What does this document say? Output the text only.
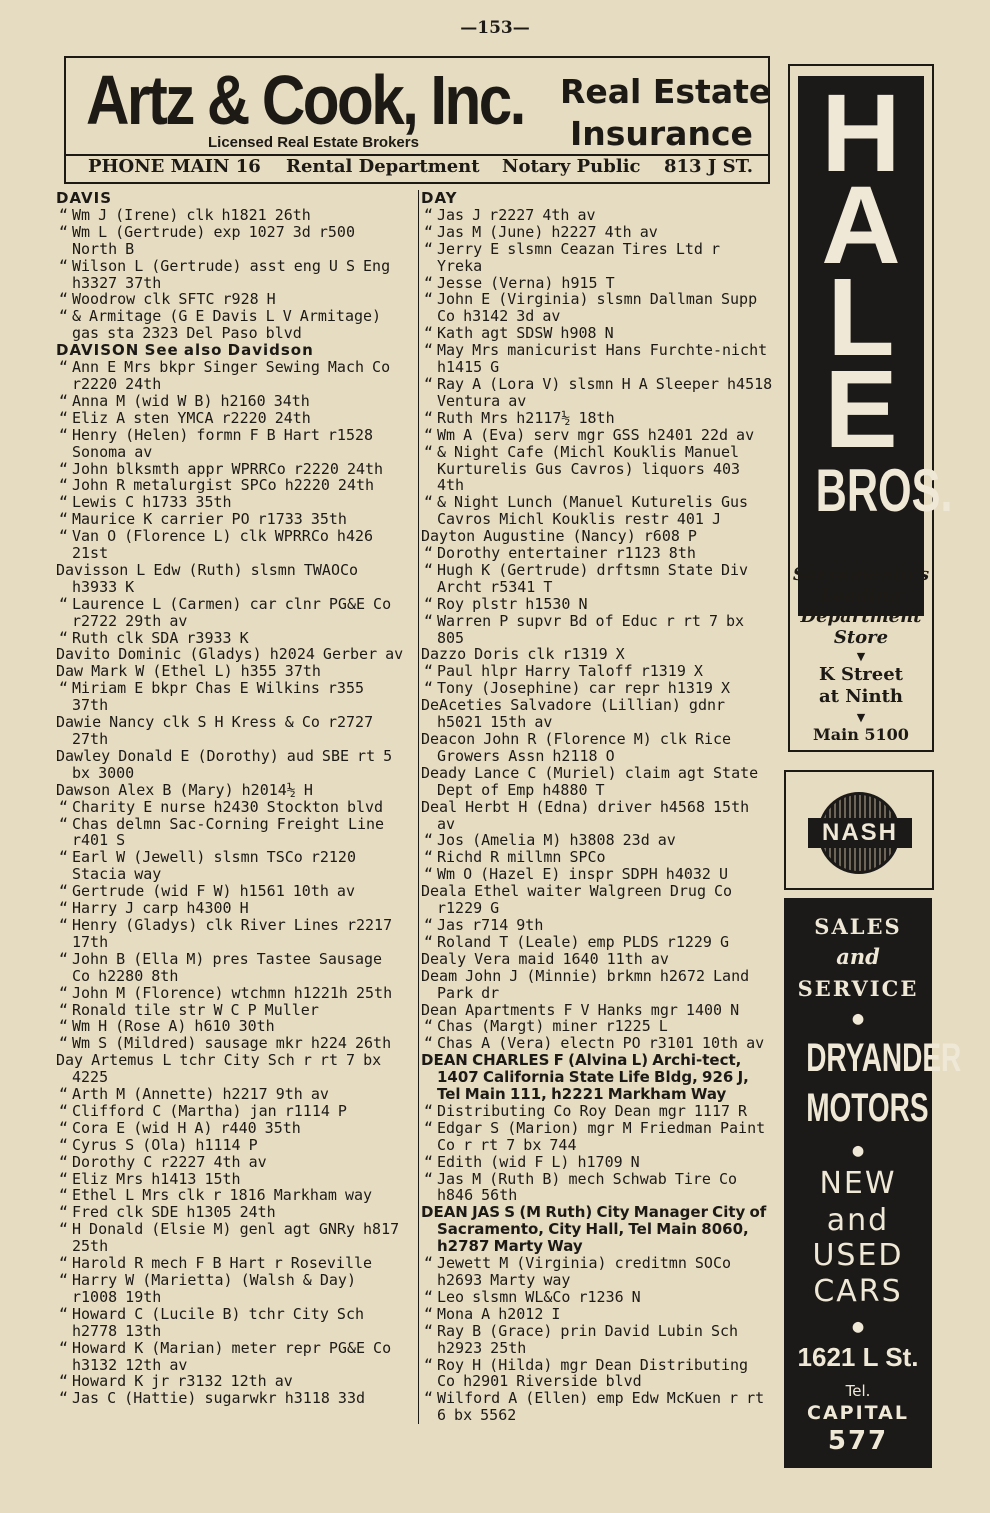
—153—
Artz & Cook, Inc.
Licensed Real Estate Brokers
Real Estate
Insurance
PHONE MAIN 16 Rental Department Notary Public 813 J ST.
DAVIS
“ Wm J (Irene) clk h1821 26th
“ Wm L (Gertrude) exp 1027 3d r500 North B
“ Wilson L (Gertrude) asst eng U S Eng h3327 37th
“ Woodrow clk SFTC r928 H
“ & Armitage (G E Davis L V Armitage) gas sta 2323 Del Paso blvd
DAVISON See also Davidson
“ Ann E Mrs bkpr Singer Sewing Mach Co r2220 24th
“ Anna M (wid W B) h2160 34th
“ Eliz A sten YMCA r2220 24th
“ Henry (Helen) formn F B Hart r1528 Sonoma av
“ John blksmth appr WPRRCo r2220 24th
“ John R metalurgist SPCo h2220 24th
“ Lewis C h1733 35th
“ Maurice K carrier PO r1733 35th
“ Van O (Florence L) clk WPRRCo h426 21st
Davisson L Edw (Ruth) slsmn TWAOCo h3933 K
“ Laurence L (Carmen) car clnr PG&E Co r2722 29th av
“ Ruth clk SDA r3933 K
Davito Dominic (Gladys) h2024 Gerber av
Daw Mark W (Ethel L) h355 37th
“ Miriam E bkpr Chas E Wilkins r355 37th
Dawie Nancy clk S H Kress & Co r2727 27th
Dawley Donald E (Dorothy) aud SBE rt 5 bx 3000
Dawson Alex B (Mary) h2014½ H
“ Charity E nurse h2430 Stockton blvd
“ Chas delmn Sac-Corning Freight Line r401 S
“ Earl W (Jewell) slsmn TSCo r2120 Stacia way
“ Gertrude (wid F W) h1561 10th av
“ Harry J carp h4300 H
“ Henry (Gladys) clk River Lines r2217 17th
“ John B (Ella M) pres Tastee Sausage Co h2280 8th
“ John M (Florence) wtchmn h1221h 25th
“ Ronald tile str W C P Muller
“ Wm H (Rose A) h610 30th
“ Wm S (Mildred) sausage mkr h224 26th
Day Artemus L tchr City Sch r rt 7 bx 4225
“ Arth M (Annette) h2217 9th av
“ Clifford C (Martha) jan r1114 P
“ Cora E (wid H A) r440 35th
“ Cyrus S (Ola) h1114 P
“ Dorothy C r2227 4th av
“ Eliz Mrs h1413 15th
“ Ethel L Mrs clk r 1816 Markham way
“ Fred clk SDE h1305 24th
“ H Donald (Elsie M) genl agt GNRy h817 25th
“ Harold R mech F B Hart r Roseville
“ Harry W (Marietta) (Walsh & Day) r1008 19th
“ Howard C (Lucile B) tchr City Sch h2778 13th
“ Howard K (Marian) meter repr PG&E Co h3132 12th av
“ Howard K jr r3132 12th av
“ Jas C (Hattie) sugarwkr h3118 33d
DAY
“ Jas J r2227 4th av
“ Jas M (June) h2227 4th av
“ Jerry E slsmn Ceazan Tires Ltd r Yreka
“ Jesse (Verna) h915 T
“ John E (Virginia) slsmn Dallman Supp Co h3142 3d av
“ Kath agt SDSW h908 N
“ May Mrs manicurist Hans Furchte-nicht h1415 G
“ Ray A (Lora V) slsmn H A Sleeper h4518 Ventura av
“ Ruth Mrs h2117½ 18th
“ Wm A (Eva) serv mgr GSS h2401 22d av
“ & Night Cafe (Michl Kouklis Manuel Kurturelis Gus Cavros) liquors 403 4th
“ & Night Lunch (Manuel Kuturelis Gus Cavros Michl Kouklis restr 401 J
Dayton Augustine (Nancy) r608 P
“ Dorothy entertainer r1123 8th
“ Hugh K (Gertrude) drftsmn State Div Archt r5341 T
“ Roy plstr h1530 N
“ Warren P supvr Bd of Educ r rt 7 bx 805
Dazzo Doris clk r1319 X
“ Paul hlpr Harry Taloff r1319 X
“ Tony (Josephine) car repr h1319 X
DeAceties Salvadore (Lillian) gdnr h5021 15th av
Deacon John R (Florence M) clk Rice Growers Assn h2118 O
Deady Lance C (Muriel) claim agt State Dept of Emp h4880 T
Deal Herbt H (Edna) driver h4568 15th av
“ Jos (Amelia M) h3808 23d av
“ Richd R millmn SPCo
“ Wm O (Hazel E) inspr SDPH h4032 U
Deala Ethel waiter Walgreen Drug Co r1229 G
“ Jas r714 9th
“ Roland T (Leale) emp PLDS r1229 G
Dealy Vera maid 1640 11th av
Deam John J (Minnie) brkmn h2672 Land Park dr
Dean Apartments F V Hanks mgr 1400 N
“ Chas (Margt) miner r1225 L
“ Chas A (Vera) electn PO r3101 10th av
DEAN CHARLES F (Alvina L) Archi-tect, 1407 California State Life Bldg, 926 J, Tel Main 111, h2221 Markham Way
“ Distributing Co Roy Dean mgr 1117 R
“ Edgar S (Marion) mgr M Friedman Paint Co r rt 7 bx 744
“ Edith (wid F L) h1709 N
“ Jas M (Ruth B) mech Schwab Tire Co h846 56th
DEAN JAS S (M Ruth) City Manager City of Sacramento, City Hall, Tel Main 8060, h2787 Marty Way
“ Jewett M (Virginia) creditmn SOCo h2693 Marty way
“ Leo slsmn WL&Co r1236 N
“ Mona A h2012 I
“ Ray B (Grace) prin David Lubin Sch h2923 25th
“ Roy H (Hilda) mgr Dean Distributing Co h2901 Riverside blvd
“ Wilford A (Ellen) emp Edw McKuen r rt 6 bx 5562
H
A
L
E
BROS.
Sacramento's
Leading
Department
Store
▼
K Street
at Ninth
▼
Main 5100
NASH
SALES
and
SERVICE
●
DRYANDER
MOTORS
●
NEW
and
USED
CARS
●
1621 L St.
Tel.
CAPITAL
577
